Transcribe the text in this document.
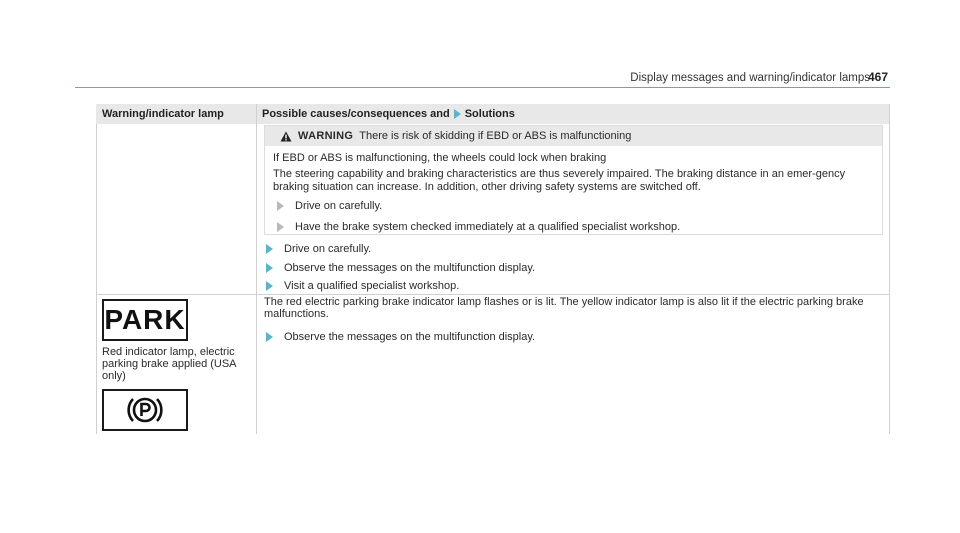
Display messages and warning/indicator lamps
467
Warning/indicator lamp	Possible causes/consequences and Solutions
WARNING There is risk of skidding if EBD or ABS is malfunctioning

If EBD or ABS is malfunctioning, the wheels could lock when braking

The steering capability and braking characteristics are thus severely impaired. The braking distance in an emer-gency braking situation can increase. In addition, other driving safety systems are switched off.

Drive on carefully.
Have the brake system checked immediately at a qualified specialist workshop.
Drive on carefully.
Observe the messages on the multifunction display.
Visit a qualified specialist workshop.
PARK
Red indicator lamp, electric parking brake applied (USA only)

The red electric parking brake indicator lamp flashes or is lit. The yellow indicator lamp is also lit if the electric parking brake malfunctions.

Observe the messages on the multifunction display.
